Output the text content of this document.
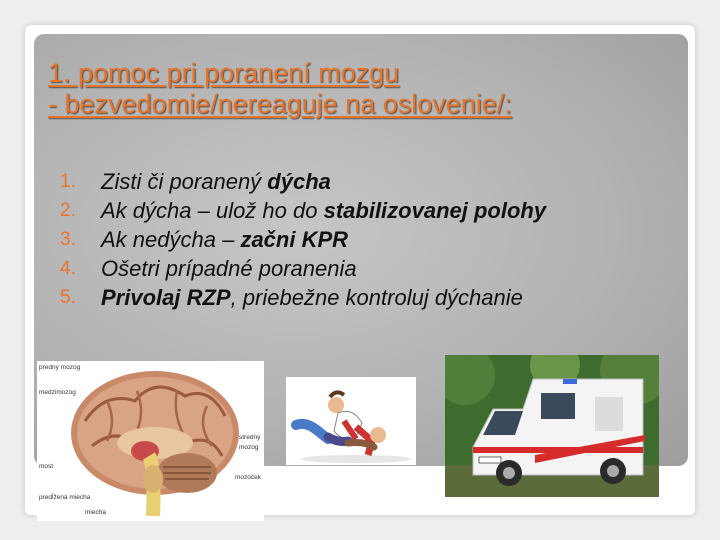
1. pomoc pri poranení mozgu
- bezvedomie/nereaguje na oslovenie/:
1. Zisti či poranený dýcha
2. Ak dýcha – ulož ho do stabilizovanej polohy
3. Ak nedýcha – začni KPR
4. Ošetri prípadné poranenia
5. Privolaj RZP, priebežne kontroluj dýchanie
predný mozog
medzimozog
stredný
mozog
most
mozoček
predĺžená miecha
miecha
